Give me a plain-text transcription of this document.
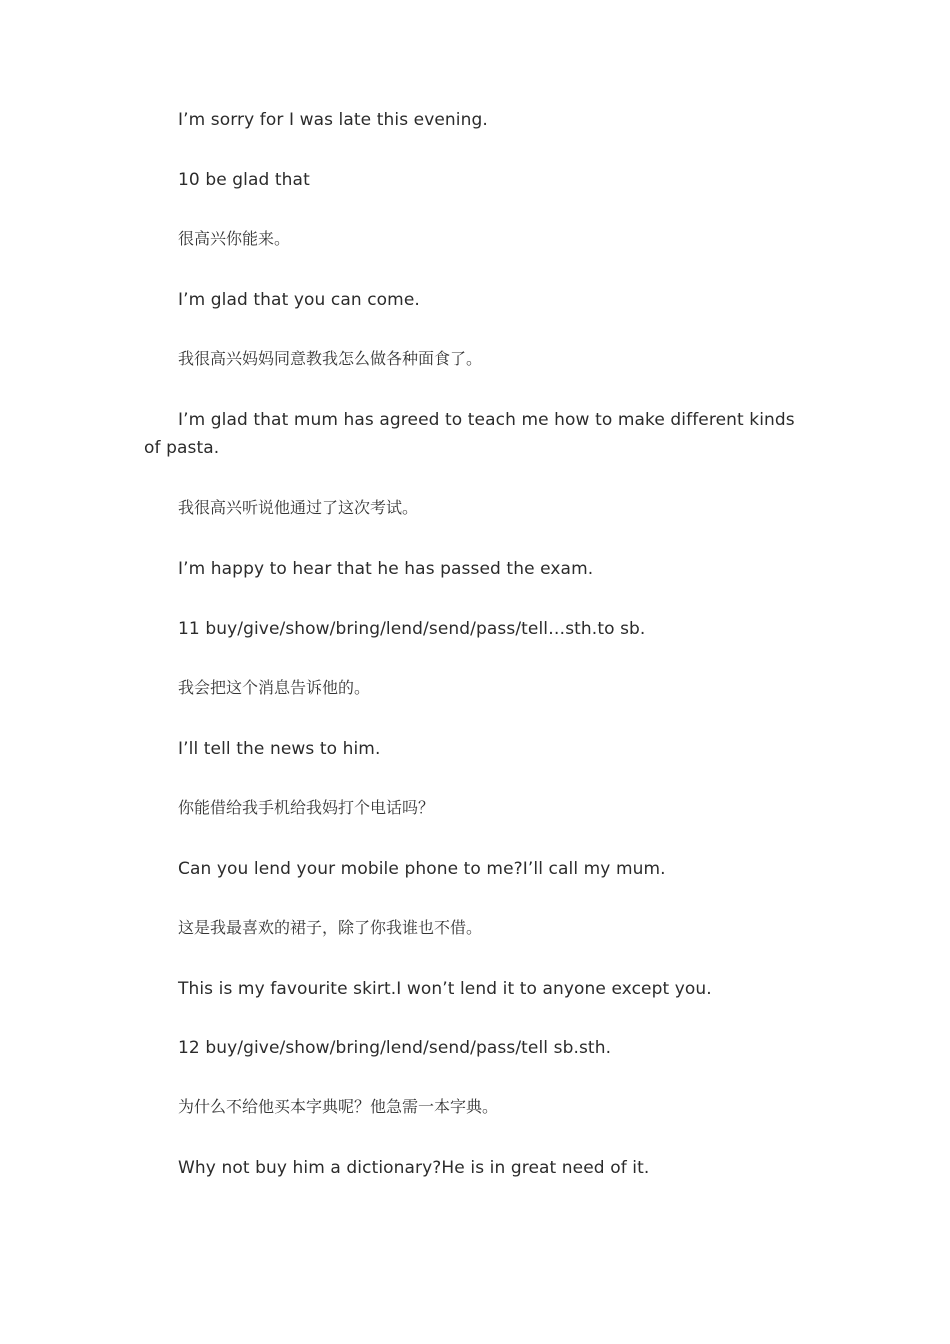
I’m sorry for I was late this evening.

10 be glad that

很高兴你能来。

I’m glad that you can come.

我很高兴妈妈同意教我怎么做各种面食了。

I’m glad that mum has agreed to teach me how to make different kinds of pasta.

我很高兴听说他通过了这次考试。

I’m happy to hear that he has passed the exam.

11 buy/give/show/bring/lend/send/pass/tell…sth.to sb.

我会把这个消息告诉他的。

I’ll tell the news to him.

你能借给我手机给我妈打个电话吗？

Can you lend your mobile phone to me?I’ll call my mum.

这是我最喜欢的裙子，除了你我谁也不借。

This is my favourite skirt.I won’t lend it to anyone except you.

12 buy/give/show/bring/lend/send/pass/tell sb.sth.

为什么不给他买本字典呢？他急需一本字典。

Why not buy him a dictionary?He is in great need of it.
